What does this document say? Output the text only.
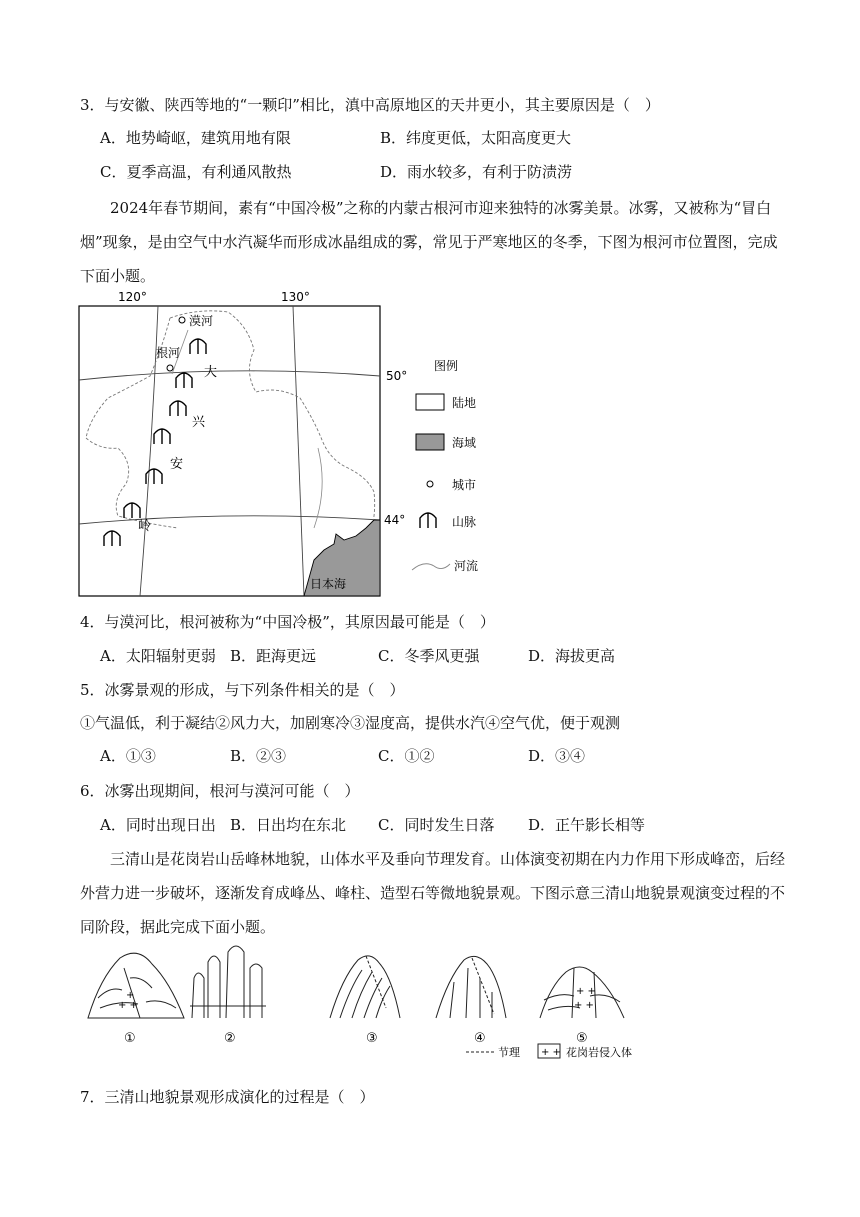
3．与安徽、陕西等地的“一颗印”相比，滇中高原地区的天井更小，其主要原因是（　）
A．地势崎岖，建筑用地有限	B．纬度更低，太阳高度更大
C．夏季高温，有利通风散热	D．雨水较多，有利于防渍涝
2024年春节期间，素有“中国冷极”之称的内蒙古根河市迎来独特的冰雾美景。冰雾，又被称为“冒白烟”现象，是由空气中水汽凝华而形成冰晶组成的雾，常见于严寒地区的冬季，下图为根河市位置图，完成下面小题。
120°	130°
50°
44°
日本海
漠河
根河
大
兴
安
岭
图例
陆地
海域
城市
山脉
河流
4．与漠河比，根河被称为“中国冷极”，其原因最可能是（　）
A．太阳辐射更弱 B．距海更远	C．冬季风更强	D．海拔更高
5．冰雾景观的形成，与下列条件相关的是（　）
①气温低，利于凝结②风力大，加剧寒冷③湿度高，提供水汽④空气优，便于观测
A．①③	B．②③	C．①②	D．③④
6．冰雾出现期间，根河与漠河可能（　）
A．同时出现日出 B．日出均在东北 C．同时发生日落 D．正午影长相等
三清山是花岗岩山岳峰林地貌，山体水平及垂向节理发育。山体演变初期在内力作用下形成峰峦，后经外营力进一步破坏，逐渐发育成峰丛、峰柱、造型石等微地貌景观。下图示意三清山地貌景观演变过程的不同阶段，据此完成下面小题。
+ +
+	+ +
+ +
①	②	③	④	⑤
节理 + + 花岗岩侵入体
7．三清山地貌景观形成演化的过程是（　）
